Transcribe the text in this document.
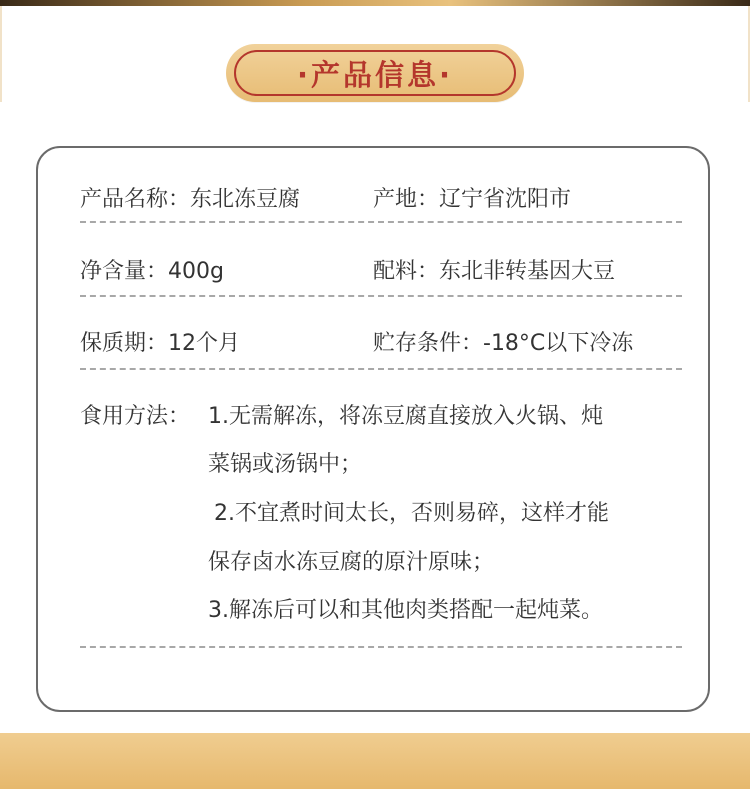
·产品信息·
产品名称：东北冻豆腐	产地：辽宁省沈阳市
净含量：400g	配料：东北非转基因大豆
保质期：12个月	贮存条件：-18°C以下冷冻
食用方法： 1.无需解冻，将冻豆腐直接放入火锅、炖
菜锅或汤锅中；
2.不宜煮时间太长，否则易碎，这样才能
保存卤水冻豆腐的原汁原味；
3.解冻后可以和其他肉类搭配一起炖菜。
